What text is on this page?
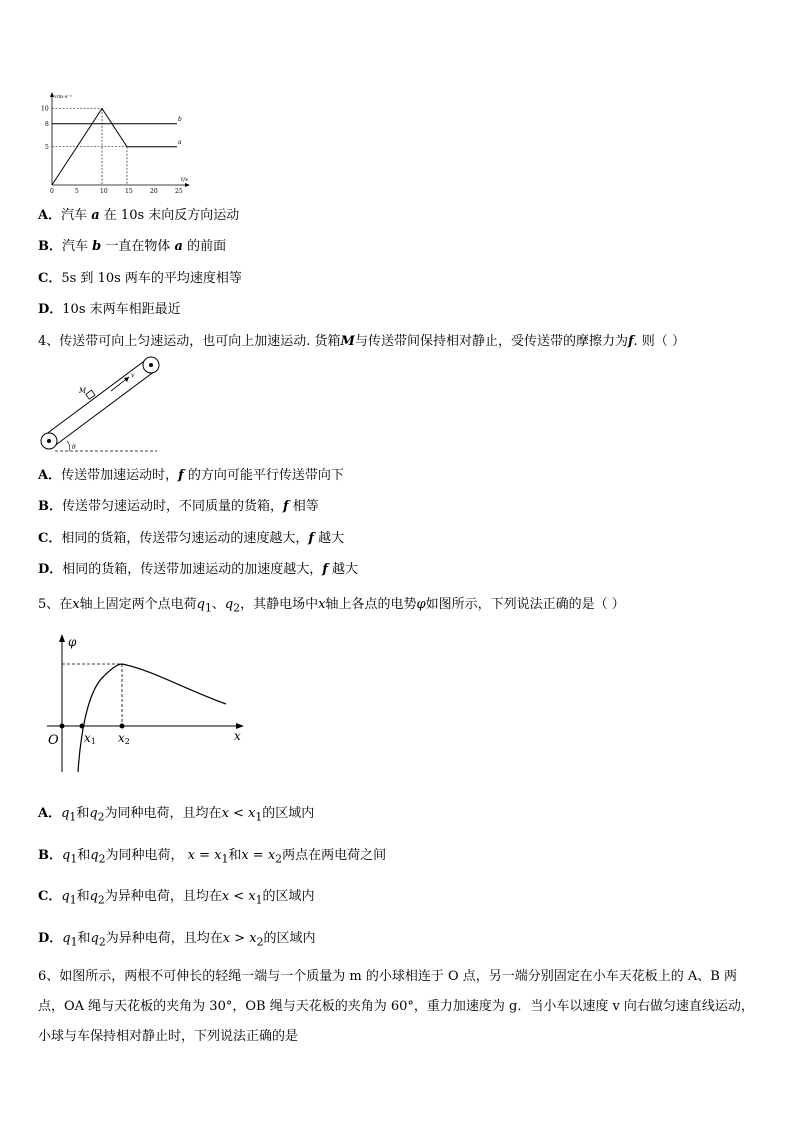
v/m·s⁻¹
t/s
0	5	10	15	20	25
5
8
10
a
b
A．汽车 a 在 10s 末向反方向运动
B．汽车 b 一直在物体 a 的前面
C．5s 到 10s 两车的平均速度相等
D．10s 末两车相距最近
4、传送带可向上匀速运动，也可向上加速运动. 货箱M与传送带间保持相对静止，受传送带的摩擦力为f. 则（ ）
M
v
θ
A．传送带加速运动时，f 的方向可能平行传送带向下
B．传送带匀速运动时，不同质量的货箱，f 相等
C．相同的货箱，传送带匀速运动的速度越大，f 越大
D．相同的货箱，传送带加速运动的加速度越大，f 越大
5、在x轴上固定两个点电荷$q_1$、$q_2$，其静电场中x轴上各点的电势φ如图所示，下列说法正确的是（ ）
φ
O x1 x2	x
A．$q_1$和$q_2$为同种电荷，且均在$x < x_1$的区域内
B．$q_1$和$q_2$为同种电荷， $x = x_1$和$x = x_2$两点在两电荷之间
C．$q_1$和$q_2$为异种电荷，且均在$x < x_1$的区域内
D．$q_1$和$q_2$为异种电荷，且均在$x > x_2$的区域内
6、如图所示，两根不可伸长的轻绳一端与一个质量为 m 的小球相连于 O 点，另一端分别固定在小车天花板上的 A、B 两点，OA 绳与天花板的夹角为 30°，OB 绳与天花板的夹角为 60°，重力加速度为 g．当小车以速度 v 向右做匀速直线运动，小球与车保持相对静止时，下列说法正确的是
